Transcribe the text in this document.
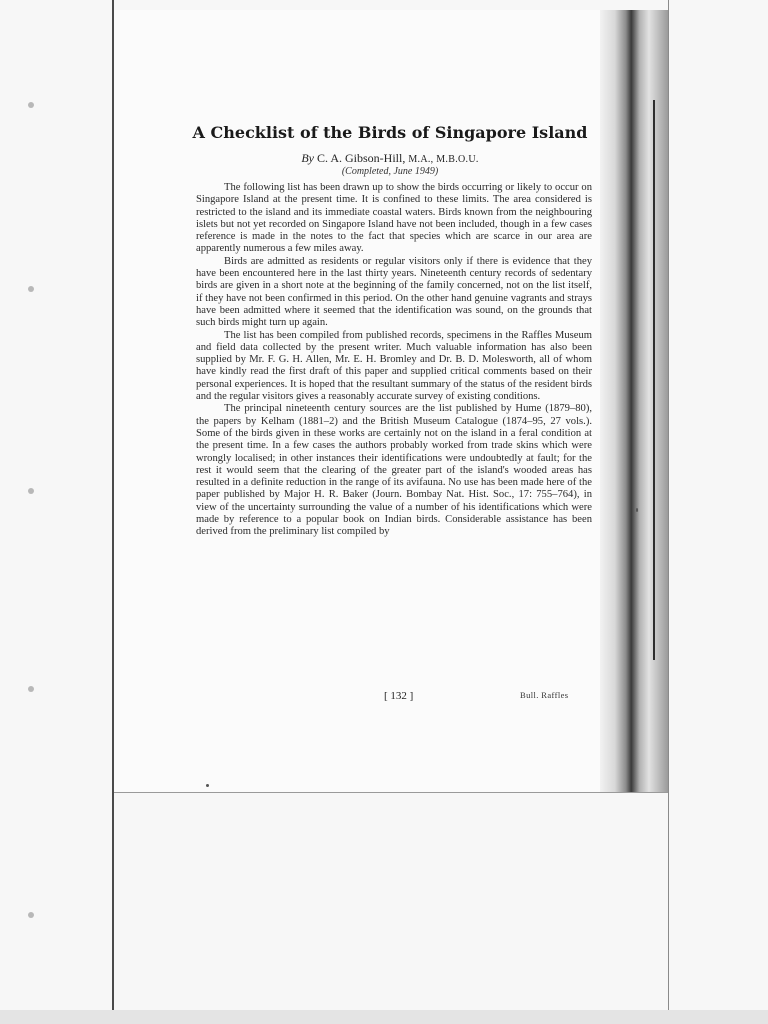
A Checklist of the Birds of Singapore Island
By C. A. Gibson-Hill, M.A., M.B.O.U.
(Completed, June 1949)

The following list has been drawn up to show the birds occurring or likely to occur on Singapore Island at the present time. It is confined to these limits. The area considered is restricted to the island and its immediate coastal waters. Birds known from the neighbouring islets but not yet recorded on Singapore Island have not been included, though in a few cases reference is made in the notes to the fact that species which are scarce in our area are apparently numerous a few miles away.

Birds are admitted as residents or regular visitors only if there is evidence that they have been encountered here in the last thirty years. Nineteenth century records of sedentary birds are given in a short note at the beginning of the family concerned, not on the list itself, if they have not been confirmed in this period. On the other hand genuine vagrants and strays have been admitted where it seemed that the identification was sound, on the grounds that such birds might turn up again.

The list has been compiled from published records, specimens in the Raffles Museum and field data collected by the present writer. Much valuable information has also been supplied by Mr. F. G. H. Allen, Mr. E. H. Bromley and Dr. B. D. Molesworth, all of whom have kindly read the first draft of this paper and supplied critical comments based on their personal experiences. It is hoped that the resultant summary of the status of the resident birds and the regular visitors gives a reasonably accurate survey of existing conditions.

The principal nineteenth century sources are the list published by Hume (1879–80), the papers by Kelham (1881–2) and the British Museum Catalogue (1874–95, 27 vols.). Some of the birds given in these works are certainly not on the island in a feral condition at the present time. In a few cases the authors probably worked from trade skins which were wrongly localised; in other instances their identifications were undoubtedly at fault; for the rest it would seem that the clearing of the greater part of the island's wooded areas has resulted in a definite reduction in the range of its avifauna. No use has been made here of the paper published by Major H. R. Baker (Journ. Bombay Nat. Hist. Soc., 17: 755–764), in view of the uncertainty surrounding the value of a number of his identifications which were made by reference to a popular book on Indian birds. Considerable assistance has been derived from the preliminary list compiled by

[ 132 ]	Bull. Raffles
